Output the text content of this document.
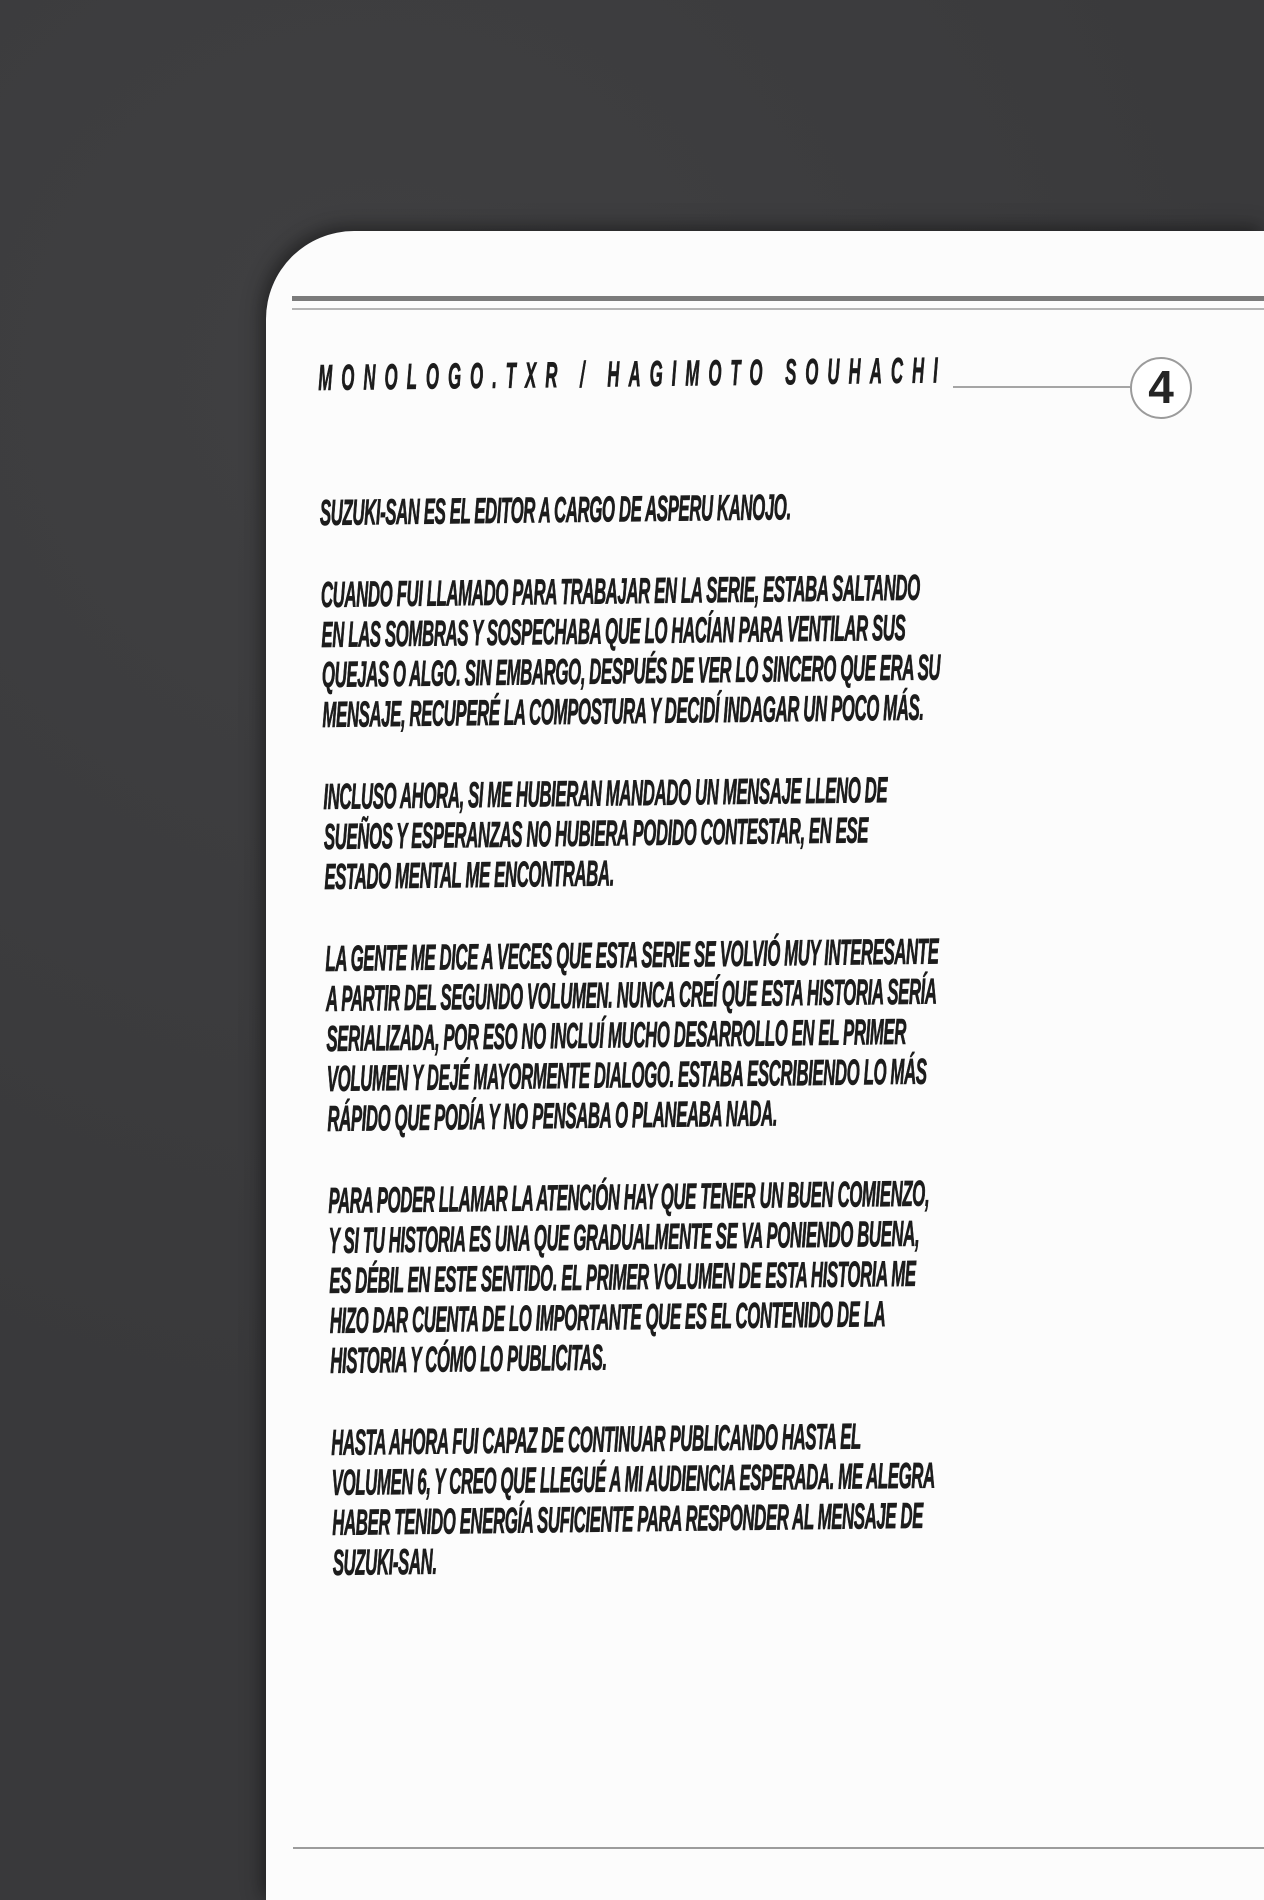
4
MONOLOGO.TXR / HAGIMOTO SOUHACHI
SUZUKI-SAN ES EL EDITOR A CARGO DE ASPERU KANOJO.
CUANDO FUI LLAMADO PARA TRABAJAR EN LA SERIE, ESTABA SALTANDO
EN LAS SOMBRAS Y SOSPECHABA QUE LO HACÍAN PARA VENTILAR SUS
QUEJAS O ALGO. SIN EMBARGO, DESPUÉS DE VER LO SINCERO QUE ERA SU
MENSAJE, RECUPERÉ LA COMPOSTURA Y DECIDÍ INDAGAR UN POCO MÁS.
INCLUSO AHORA, SI ME HUBIERAN MANDADO UN MENSAJE LLENO DE
SUEÑOS Y ESPERANZAS NO HUBIERA PODIDO CONTESTAR, EN ESE
ESTADO MENTAL ME ENCONTRABA.
LA GENTE ME DICE A VECES QUE ESTA SERIE SE VOLVIÓ MUY INTERESANTE
A PARTIR DEL SEGUNDO VOLUMEN. NUNCA CREÍ QUE ESTA HISTORIA SERÍA
SERIALIZADA, POR ESO NO INCLUÍ MUCHO DESARROLLO EN EL PRIMER
VOLUMEN Y DEJÉ MAYORMENTE DIALOGO. ESTABA ESCRIBIENDO LO MÁS
RÁPIDO QUE PODÍA Y NO PENSABA O PLANEABA NADA.
PARA PODER LLAMAR LA ATENCIÓN HAY QUE TENER UN BUEN COMIENZO,
Y SI TU HISTORIA ES UNA QUE GRADUALMENTE SE VA PONIENDO BUENA,
ES DÉBIL EN ESTE SENTIDO. EL PRIMER VOLUMEN DE ESTA HISTORIA ME
HIZO DAR CUENTA DE LO IMPORTANTE QUE ES EL CONTENIDO DE LA
HISTORIA Y CÓMO LO PUBLICITAS.
HASTA AHORA FUI CAPAZ DE CONTINUAR PUBLICANDO HASTA EL
VOLUMEN 6, Y CREO QUE LLEGUÉ A MI AUDIENCIA ESPERADA. ME ALEGRA
HABER TENIDO ENERGÍA SUFICIENTE PARA RESPONDER AL MENSAJE DE
SUZUKI-SAN.
